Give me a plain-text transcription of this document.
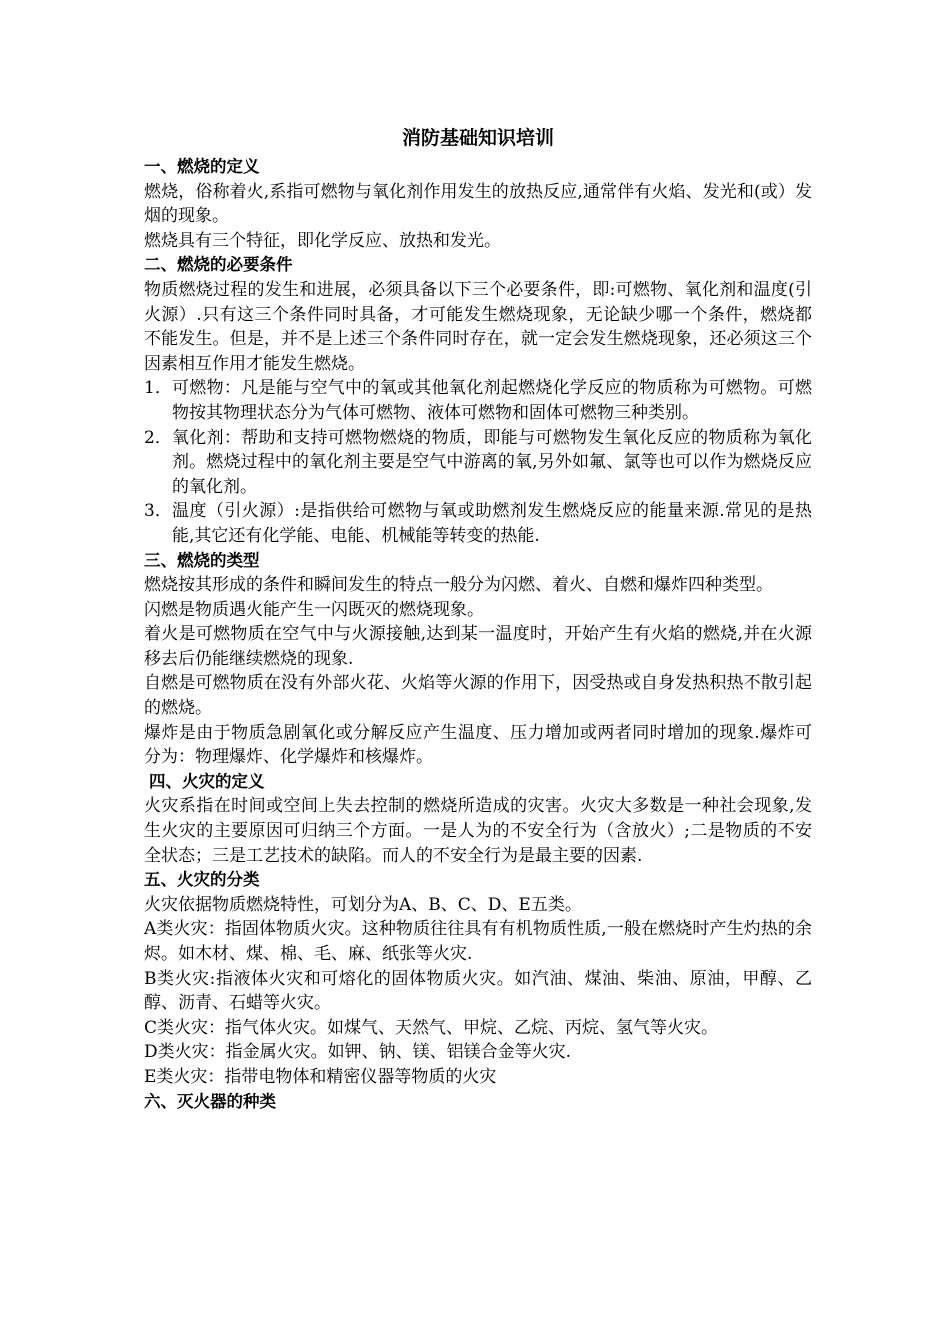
消防基础知识培训
一、燃烧的定义

燃烧，俗称着火,系指可燃物与氧化剂作用发生的放热反应,通常伴有火焰、发光和(或）发烟的现象。

燃烧具有三个特征，即化学反应、放热和发光。

二、燃烧的必要条件

物质燃烧过程的发生和进展，必须具备以下三个必要条件，即:可燃物、氧化剂和温度(引火源）.只有这三个条件同时具备，才可能发生燃烧现象，无论缺少哪一个条件，燃烧都不能发生。但是，并不是上述三个条件同时存在，就一定会发生燃烧现象，还必须这三个因素相互作用才能发生燃烧。

1． 可燃物：凡是能与空气中的氧或其他氧化剂起燃烧化学反应的物质称为可燃物。可燃物按其物理状态分为气体可燃物、液体可燃物和固体可燃物三种类别。
2． 氧化剂：帮助和支持可燃物燃烧的物质，即能与可燃物发生氧化反应的物质称为氧化剂。燃烧过程中的氧化剂主要是空气中游离的氧,另外如氟、氯等也可以作为燃烧反应的氧化剂。
3． 温度（引火源）:是指供给可燃物与氧或助燃剂发生燃烧反应的能量来源.常见的是热能,其它还有化学能、电能、机械能等转变的热能.
三、燃烧的类型

燃烧按其形成的条件和瞬间发生的特点一般分为闪燃、着火、自燃和爆炸四种类型。

闪燃是物质遇火能产生一闪既灭的燃烧现象。

着火是可燃物质在空气中与火源接触,达到某一温度时，开始产生有火焰的燃烧,并在火源移去后仍能继续燃烧的现象.

自燃是可燃物质在没有外部火花、火焰等火源的作用下，因受热或自身发热积热不散引起的燃烧。

爆炸是由于物质急剧氧化或分解反应产生温度、压力增加或两者同时增加的现象.爆炸可分为：物理爆炸、化学爆炸和核爆炸。

四、火灾的定义

火灾系指在时间或空间上失去控制的燃烧所造成的灾害。火灾大多数是一种社会现象,发生火灾的主要原因可归纳三个方面。一是人为的不安全行为（含放火）;二是物质的不安全状态；三是工艺技术的缺陷。而人的不安全行为是最主要的因素.

五、火灾的分类

火灾依据物质燃烧特性，可划分为A、B、C、D、E五类。

A类火灾：指固体物质火灾。这种物质往往具有有机物质性质,一般在燃烧时产生灼热的余烬。如木材、煤、棉、毛、麻、纸张等火灾.

B类火灾:指液体火灾和可熔化的固体物质火灾。如汽油、煤油、柴油、原油，甲醇、乙醇、沥青、石蜡等火灾。

C类火灾：指气体火灾。如煤气、天然气、甲烷、乙烷、丙烷、氢气等火灾。

D类火灾：指金属火灾。如钾、钠、镁、铝镁合金等火灾.

E类火灾：指带电物体和精密仪器等物质的火灾

六、灭火器的种类
